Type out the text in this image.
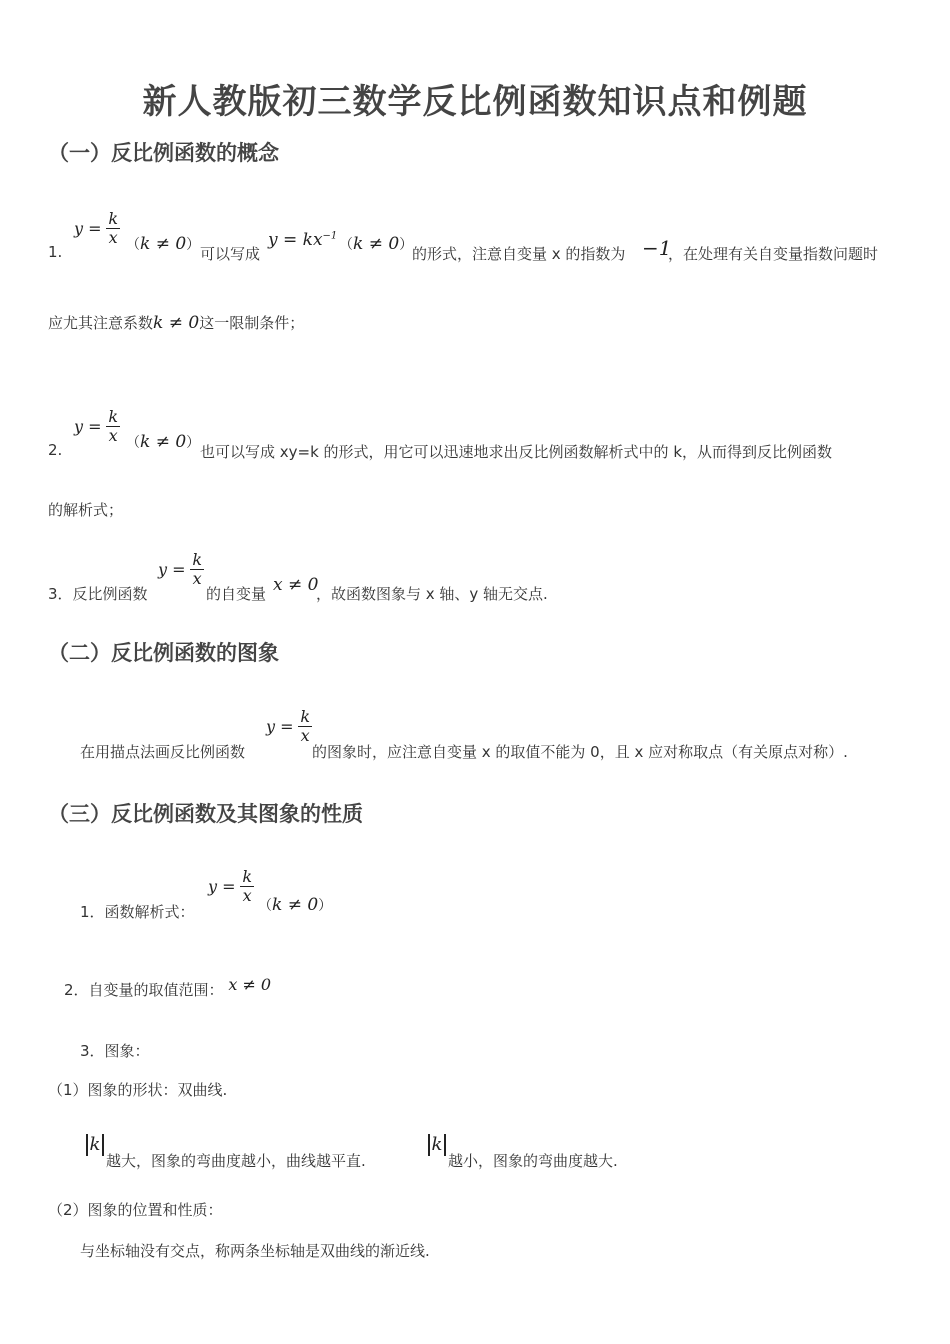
新人教版初三数学反比例函数知识点和例题
（一）反比例函数的概念
1.
$y = \frac{k}{x} (k \ne 0)$ 可以写成
$y = kx^{-1}$
（k ≠ 0）
的形式，注意自变量 x 的指数为 −1
，在处理有关自变量指数问题时
应尤其注意系数k ≠ 0这一限制条件；
2.
$y = \frac{k}{x} (k \ne 0)$ 也可以写成 xy=k 的形式，用它可以迅速地求出反比例函数解析式中的 k，从而得到反比例函数
的解析式；
3．反比例函数
$y = \frac{k}{x}$
的自变量 x ≠ 0
，故函数图象与 x 轴、y 轴无交点.
（二）反比例函数的图象
在用描点法画反比例函数
$y = \frac{k}{x}$
的图象时，应注意自变量 x 的取值不能为 0，且 x 应对称取点（有关原点对称）.
（三）反比例函数及其图象的性质
1．函数解析式：
$y = \frac{k}{x}$
（k ≠ 0）
2．自变量的取值范围： x ≠ 0
3．图象：
（1）图象的形状：双曲线.
k
越大，图象的弯曲度越小，曲线越平直.
k
越小，图象的弯曲度越大.
（2）图象的位置和性质：
与坐标轴没有交点，称两条坐标轴是双曲线的渐近线.
